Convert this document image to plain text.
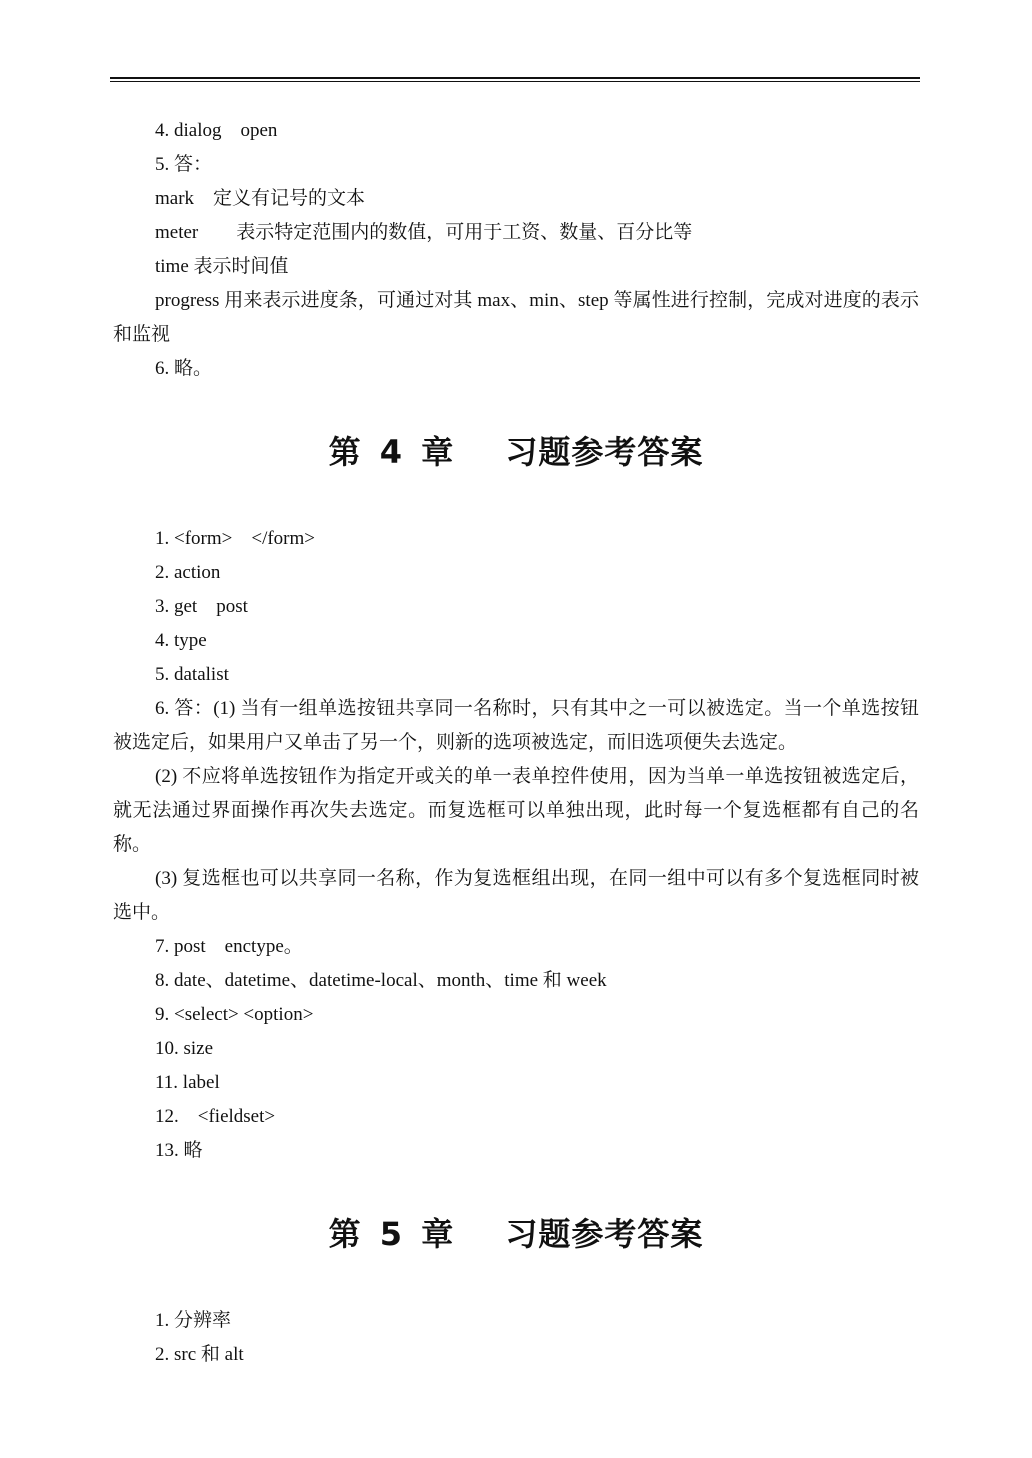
4. dialog　open
5. 答：
mark　定义有记号的文本
meter　　表示特定范围内的数值，可用于工资、数量、百分比等
time 表示时间值
progress 用来表示进度条，可通过对其 max、min、step 等属性进行控制，完成对进度的表示和监视
6. 略。
第 4 章　 习题参考答案
1. <form>　</form>
2. action
3. get　post
4. type
5. datalist
6. 答：(1) 当有一组单选按钮共享同一名称时，只有其中之一可以被选定。当一个单选按钮被选定后，如果用户又单击了另一个，则新的选项被选定，而旧选项便失去选定。
(2) 不应将单选按钮作为指定开或关的单一表单控件使用，因为当单一单选按钮被选定后，就无法通过界面操作再次失去选定。而复选框可以单独出现，此时每一个复选框都有自己的名称。
(3) 复选框也可以共享同一名称，作为复选框组出现，在同一组中可以有多个复选框同时被选中。
7. post　enctype。
8. date、datetime、datetime-local、month、time 和 week
9. <select> <option>
10. size
11. label
12.　<fieldset>
13. 略
第 5 章　 习题参考答案
1. 分辨率
2. src 和 alt
